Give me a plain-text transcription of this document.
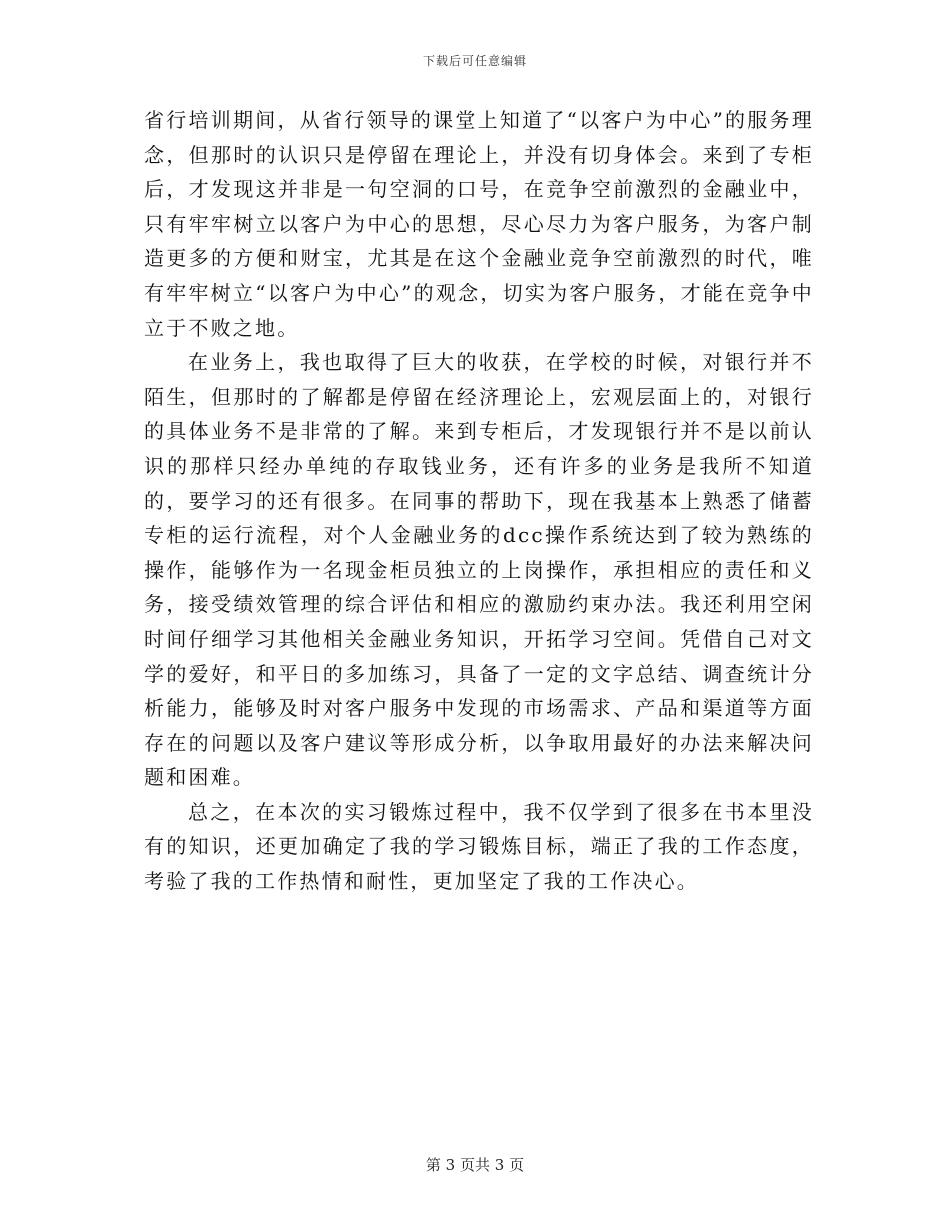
下载后可任意编辑

省行培训期间，从省行领导的课堂上知道了“以客户为中心”的服务理念，但那时的认识只是停留在理论上，并没有切身体会。来到了专柜后，才发现这并非是一句空洞的口号，在竞争空前激烈的金融业中，只有牢牢树立以客户为中心的思想，尽心尽力为客户服务，为客户制造更多的方便和财宝，尤其是在这个金融业竞争空前激烈的时代，唯有牢牢树立“以客户为中心”的观念，切实为客户服务，才能在竞争中立于不败之地。

在业务上，我也取得了巨大的收获，在学校的时候，对银行并不陌生，但那时的了解都是停留在经济理论上，宏观层面上的，对银行的具体业务不是非常的了解。来到专柜后，才发现银行并不是以前认识的那样只经办单纯的存取钱业务，还有许多的业务是我所不知道的，要学习的还有很多。在同事的帮助下，现在我基本上熟悉了储蓄专柜的运行流程，对个人金融业务的dcc操作系统达到了较为熟练的操作，能够作为一名现金柜员独立的上岗操作，承担相应的责任和义务，接受绩效管理的综合评估和相应的激励约束办法。我还利用空闲时间仔细学习其他相关金融业务知识，开拓学习空间。凭借自己对文学的爱好，和平日的多加练习，具备了一定的文字总结、调查统计分析能力，能够及时对客户服务中发现的市场需求、产品和渠道等方面存在的问题以及客户建议等形成分析，以争取用最好的办法来解决问题和困难。

总之，在本次的实习锻炼过程中，我不仅学到了很多在书本里没有的知识，还更加确定了我的学习锻炼目标，端正了我的工作态度，考验了我的工作热情和耐性，更加坚定了我的工作决心。

第 3 页共 3 页
